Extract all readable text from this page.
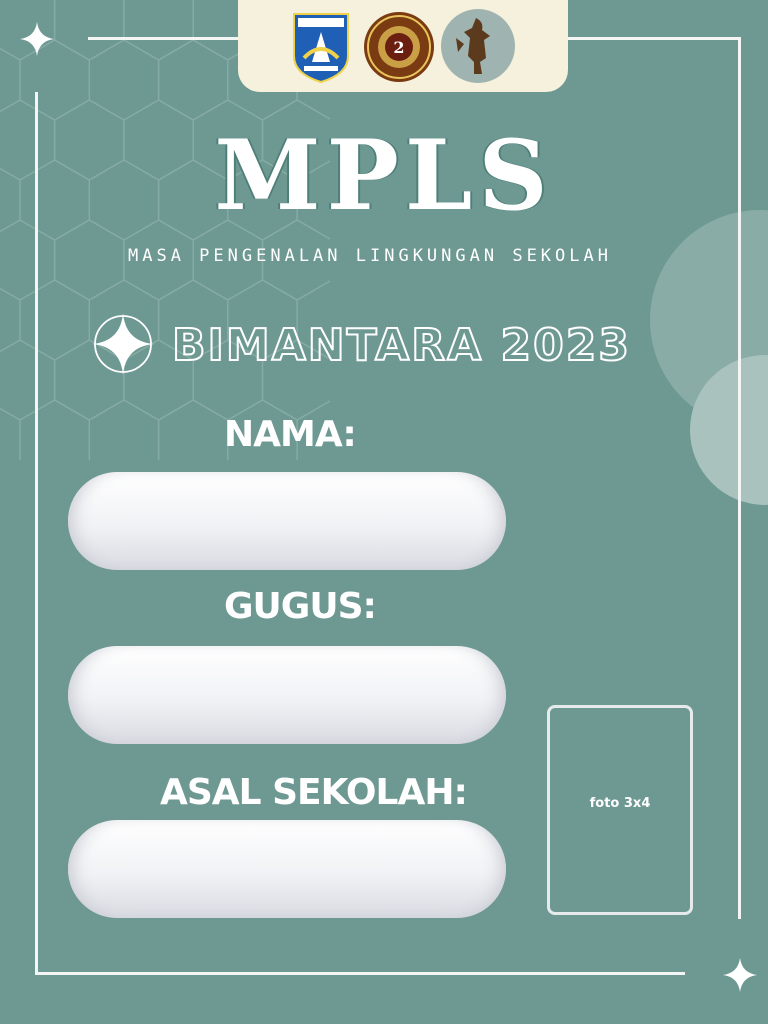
2
MPLS
MASA PENGENALAN LINGKUNGAN SEKOLAH
BIMANTARA 2023
NAMA:
GUGUS:
ASAL SEKOLAH:	foto 3x4
